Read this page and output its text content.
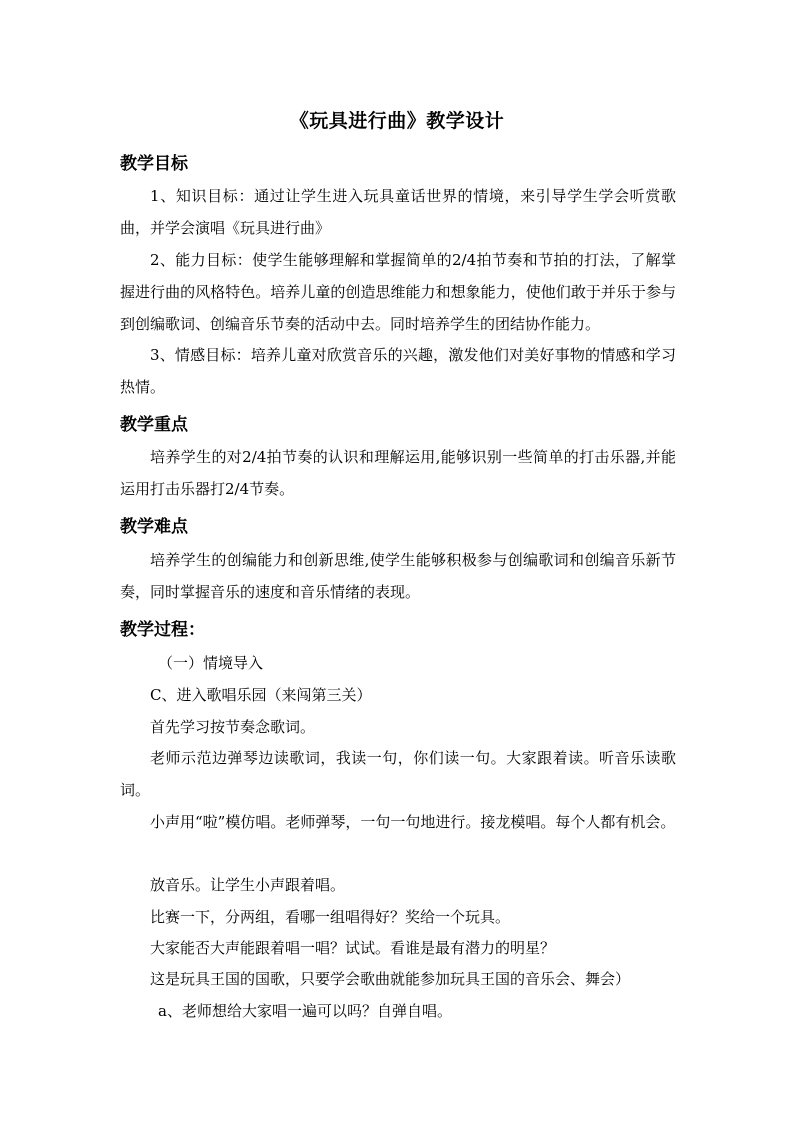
《玩具进行曲》教学设计
教学目标

1、知识目标：通过让学生进入玩具童话世界的情境，来引导学生学会听赏歌曲，并学会演唱《玩具进行曲》

2、能力目标：使学生能够理解和掌握简单的2/4拍节奏和节拍的打法，了解掌握进行曲的风格特色。培养儿童的创造思维能力和想象能力，使他们敢于并乐于参与到创编歌词、创编音乐节奏的活动中去。同时培养学生的团结协作能力。

3、情感目标：培养儿童对欣赏音乐的兴趣，激发他们对美好事物的情感和学习热情。

教学重点

培养学生的对2/4拍节奏的认识和理解运用,能够识别一些简单的打击乐器,并能运用打击乐器打2/4节奏。

教学难点

培养学生的创编能力和创新思维,使学生能够积极参与创编歌词和创编音乐新节奏，同时掌握音乐的速度和音乐情绪的表现。

教学过程：

（一）情境导入

C、进入歌唱乐园（来闯第三关）

首先学习按节奏念歌词。

老师示范边弹琴边读歌词，我读一句，你们读一句。大家跟着读。听音乐读歌词。

小声用“啦”模仿唱。老师弹琴，一句一句地进行。接龙模唱。每个人都有机会。

放音乐。让学生小声跟着唱。

比赛一下，分两组，看哪一组唱得好？奖给一个玩具。

大家能否大声能跟着唱一唱？试试。看谁是最有潜力的明星？

这是玩具王国的国歌，只要学会歌曲就能参加玩具王国的音乐会、舞会）

a、老师想给大家唱一遍可以吗？自弹自唱。
